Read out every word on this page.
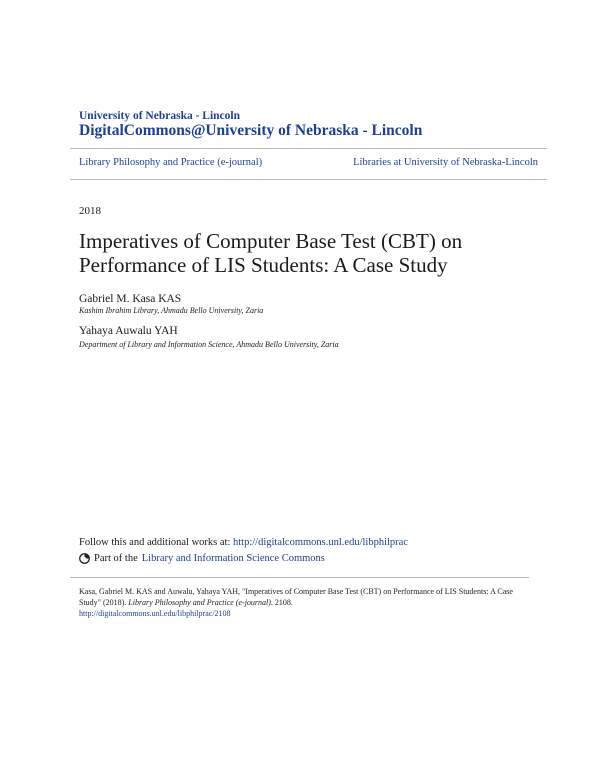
University of Nebraska - Lincoln
DigitalCommons@University of Nebraska - Lincoln
Library Philosophy and Practice (e-journal)	Libraries at University of Nebraska-Lincoln
2018
Imperatives of Computer Base Test (CBT) on Performance of LIS Students: A Case Study
Gabriel M. Kasa KAS
Kashim Ibrahim Library, Ahmadu Bello University, Zaria
Yahaya Auwalu YAH
Department of Library and Information Science, Ahmadu Bello University, Zaria
Follow this and additional works at: http://digitalcommons.unl.edu/libphilprac
Part of the Library and Information Science Commons
Kasa, Gabriel M. KAS and Auwalu, Yahaya YAH, "Imperatives of Computer Base Test (CBT) on Performance of LIS Students: A Case Study" (2018). Library Philosophy and Practice (e-journal). 2108.
http://digitalcommons.unl.edu/libphilprac/2108
